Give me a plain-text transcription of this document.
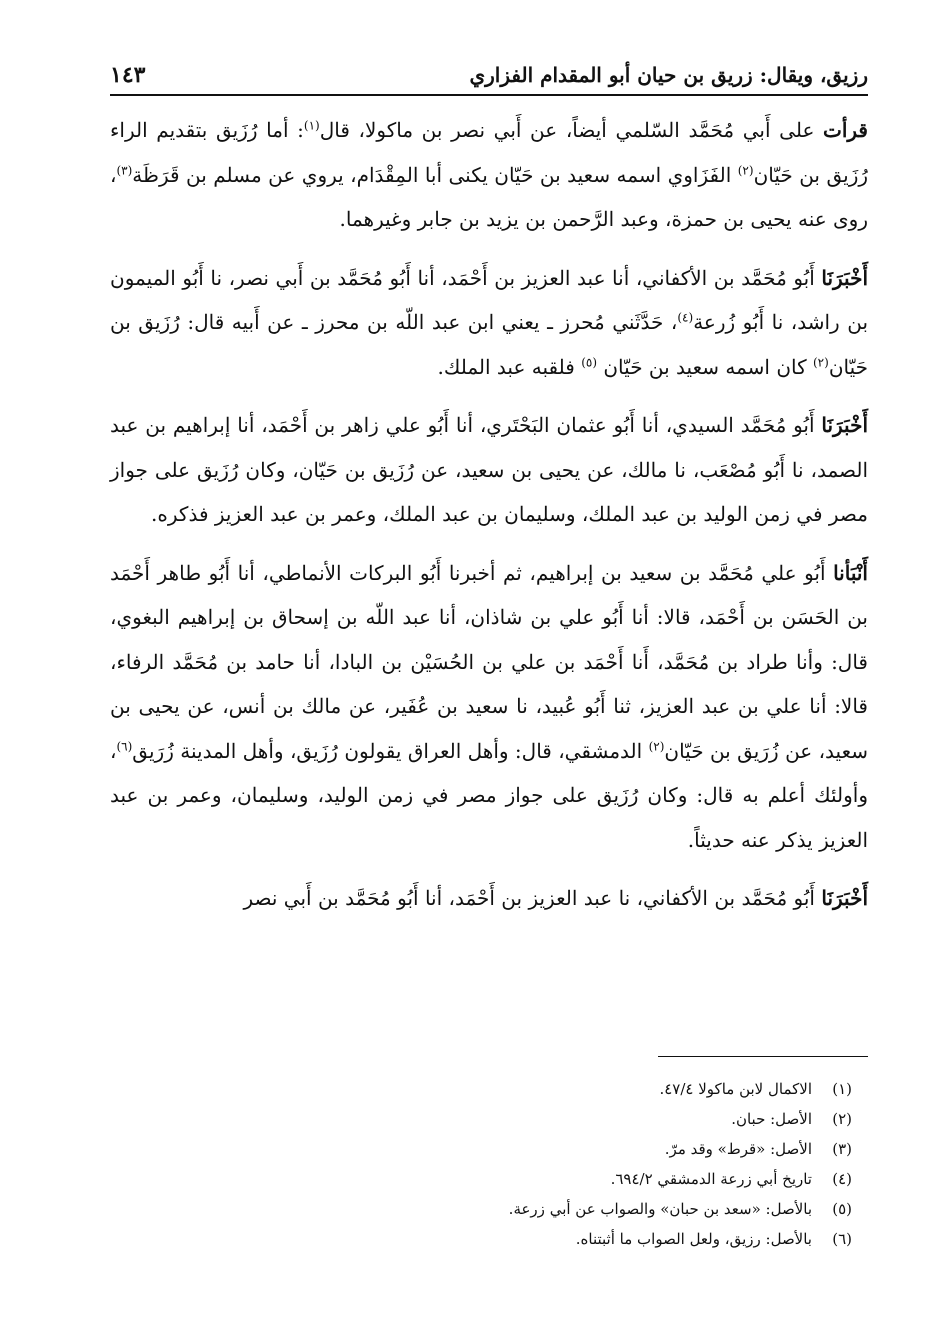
رزيق، ويقال: زريق بن حيان أبو المقدام الفزاري
١٤٣

قرأت على أَبي مُحَمَّد السّلمي أيضاً، عن أَبي نصر بن ماكولا، قال$^{(١)}$: أما رُزَيق بتقديم الراء رُزَيق بن حَيّان$^{(٢)}$ الفَزَاوي اسمه سعيد بن حَيّان يكنى أبا المِقْدَام، يروي عن مسلم بن قَرَظَة$^{(٣)}$، روى عنه يحيى بن حمزة، وعبد الرَّحمن بن يزيد بن جابر وغيرهما.

أَخْبَرَنَا أَبُو مُحَمَّد بن الأكفاني، أنا عبد العزيز بن أَحْمَد، أنا أَبُو مُحَمَّد بن أَبي نصر، نا أَبُو الميمون بن راشد، نا أَبُو زُرعة$^{(٤)}$، حَدَّثَني مُحرز ـ يعني ابن عبد اللّه بن محرز ـ عن أَبيه قال: رُزَيق بن حَيّان$^{(٢)}$ كان اسمه سعيد بن حَيّان $^{(٥)}$ فلقبه عبد الملك.

أَخْبَرَنَا أَبُو مُحَمَّد السيدي، أنا أَبُو عثمان البَحْتَري، أنا أَبُو علي زاهر بن أَحْمَد، أنا إبراهيم بن عبد الصمد، نا أَبُو مُصْعَب، نا مالك، عن يحيى بن سعيد، عن رُزَيق بن حَيّان، وكان رُزَيق على جواز مصر في زمن الوليد بن عبد الملك، وسليمان بن عبد الملك، وعمر بن عبد العزيز فذكره.

أَنْبَأنا أَبُو علي مُحَمَّد بن سعيد بن إبراهيم، ثم أخبرنا أَبُو البركات الأنماطي، أنا أَبُو طاهر أَحْمَد بن الحَسَن بن أَحْمَد، قالا: أنا أَبُو علي بن شاذان، أنا عبد اللّه بن إسحاق بن إبراهيم البغوي، قال: وأنا طراد بن مُحَمَّد، أَنا أَحْمَد بن علي بن الحُسَيْن بن البادا، أنا حامد بن مُحَمَّد الرفاء، قالا: أنا علي بن عبد العزيز، ثنا أَبُو عُبيد، نا سعيد بن عُفَير، عن مالك بن أنس، عن يحيى بن سعيد، عن زُرَيق بن حَيّان$^{(٢)}$ الدمشقي، قال: وأهل العراق يقولون رُزَيق، وأهل المدينة زُرَيق$^{(٦)}$، وأولئك أعلم به قال: وكان رُزَيق على جواز مصر في زمن الوليد، وسليمان، وعمر بن عبد العزيز يذكر عنه حديثاً.

أَخْبَرَنَا أَبُو مُحَمَّد بن الأكفاني، نا عبد العزيز بن أَحْمَد، أنا أَبُو مُحَمَّد بن أَبي نصر

(١)
الاكمال لابن ماكولا ٤٧/٤.
(٢)
الأصل: حبان.
(٣)
الأصل: «قرط» وقد مرّ.
(٤)
تاريخ أبي زرعة الدمشقي ٦٩٤/٢.
(٥)
بالأصل: «سعد بن حبان» والصواب عن أبي زرعة.
(٦)
بالأصل: رزيق، ولعل الصواب ما أثبتناه.
